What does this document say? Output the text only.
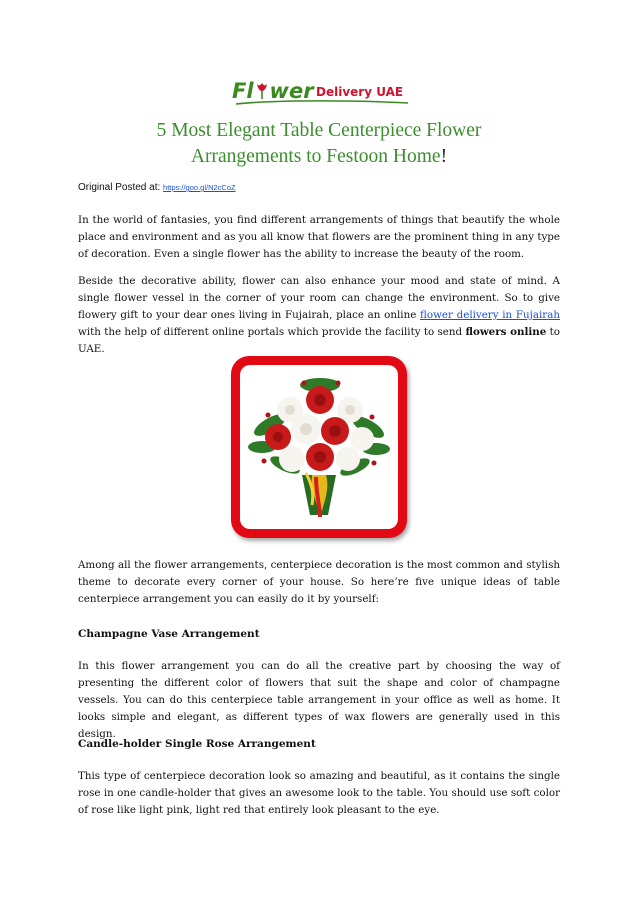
Fl wer Delivery UAE
5 Most Elegant Table Centerpiece Flower
Arrangements to Festoon Home!
Original Posted at: https://goo.gl/N2cCoZ

In the world of fantasies, you find different arrangements of things that beautify the whole place and environment and as you all know that flowers are the prominent thing in any type of decoration. Even a single flower has the ability to increase the beauty of the room.

Beside the decorative ability, flower can also enhance your mood and state of mind. A single flower vessel in the corner of your room can change the environment. So to give flowery gift to your dear ones living in Fujairah, place an online flower delivery in Fujairah with the help of different online portals which provide the facility to send flowers online to UAE.

Among all the flower arrangements, centerpiece decoration is the most common and stylish theme to decorate every corner of your house. So here’re five unique ideas of table centerpiece arrangement you can easily do it by yourself:

Champagne Vase Arrangement

In this flower arrangement you can do all the creative part by choosing the way of presenting the different color of flowers that suit the shape and color of champagne vessels. You can do this centerpiece table arrangement in your office as well as home. It looks simple and elegant, as different types of wax flowers are generally used in this design.

Candle-holder Single Rose Arrangement

This type of centerpiece decoration look so amazing and beautiful, as it contains the single rose in one candle-holder that gives an awesome look to the table. You should use soft color of rose like light pink, light red that entirely look pleasant to the eye.
